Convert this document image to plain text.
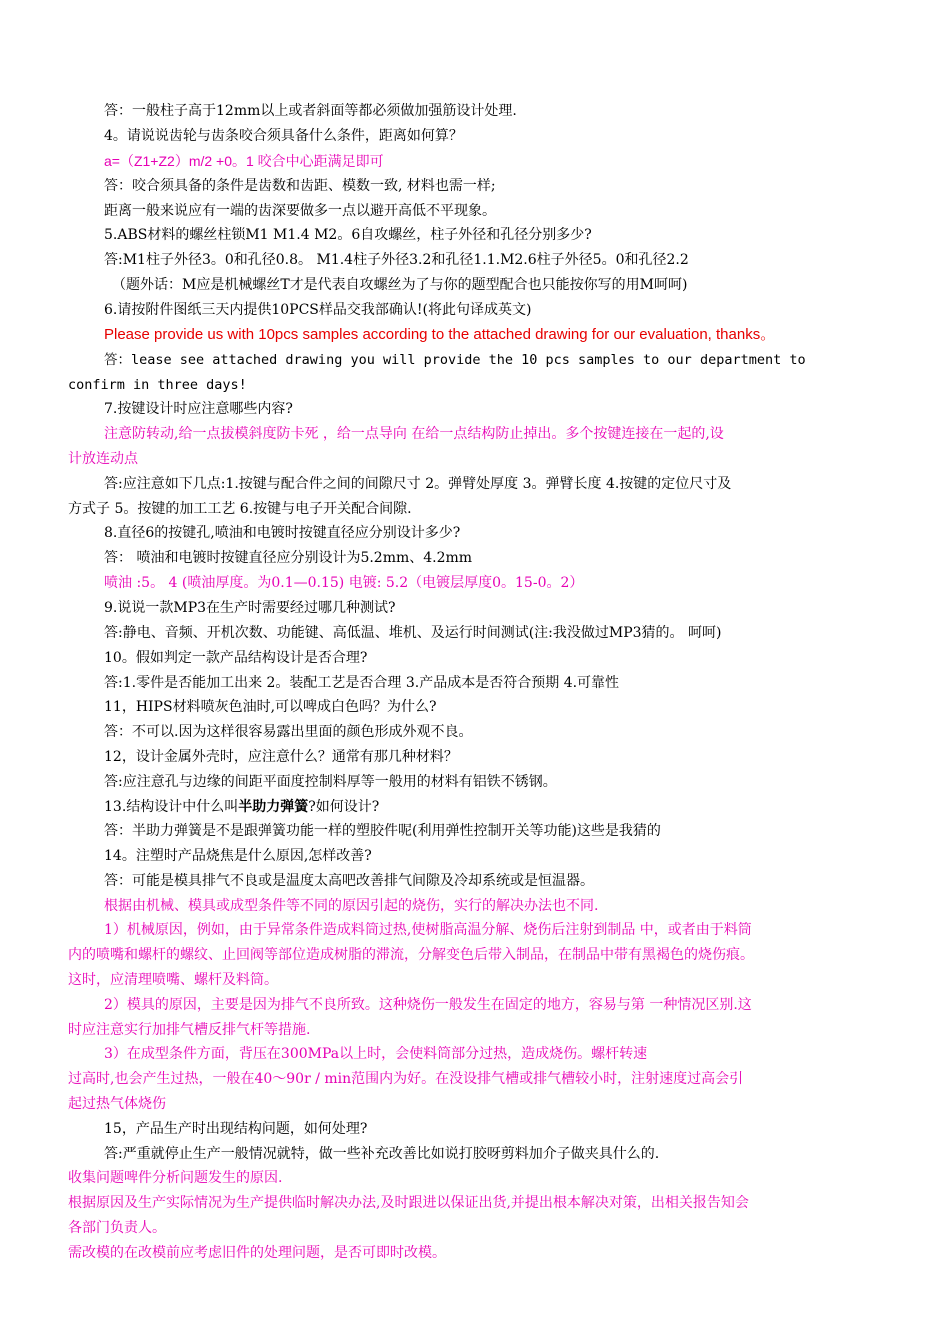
答：一般柱子高于12mm以上或者斜面等都必须做加强筋设计处理.
4。请说说齿轮与齿条咬合须具备什么条件，距离如何算？
a=（Z1+Z2）m/2 +0。1 咬合中心距满足即可
答：咬合须具备的条件是齿数和齿距、模数一致, 材料也需一样;
距离一般来说应有一端的齿深要做多一点以避开高低不平现象。
5.ABS材料的螺丝柱锁M1 M1.4 M2。6自攻螺丝，柱子外径和孔径分别多少?
答:M1柱子外径3。0和孔径0.8。 M1.4柱子外径3.2和孔径1.1.M2.6柱子外径5。0和孔径2.2
（题外话：M应是机械螺丝T才是代表自攻螺丝为了与你的题型配合也只能按你写的用M呵呵)
6.请按附件图纸三天内提供10PCS样品交我部确认!(将此句译成英文)
Please provide us with 10pcs samples according to the attached drawing for our evaluation, thanks。
答：lease see attached drawing you will provide the 10 pcs samples to our department to
confirm in three days!
7.按键设计时应注意哪些内容?
注意防转动,给一点拔模斜度防卡死 ，给一点导向 在给一点结构防止掉出。多个按键连接在一起的,设
计放连动点
答:应注意如下几点:1.按键与配合件之间的间隙尺寸 2。弹臂处厚度 3。弹臂长度 4.按键的定位尺寸及
方式子 5。按键的加工工艺 6.按键与电子开关配合间隙.
8.直径6的按键孔,喷油和电镀时按键直径应分别设计多少?
答： 喷油和电镀时按键直径应分别设计为5.2mm、4.2mm
喷油 :5。 4 (喷油厚度。为0.1—0.15) 电镀: 5.2（电镀层厚度0。15-0。2）
9.说说一款MP3在生产时需要经过哪几种测试?
答:静电、音频、开机次数、功能键、高低温、堆机、及运行时间测试(注:我没做过MP3猜的。 呵呵)
10。假如判定一款产品结构设计是否合理?
答:1.零件是否能加工出来 2。装配工艺是否合理 3.产品成本是否符合预期 4.可靠性
11，HIPS材料喷灰色油时,可以啤成白色吗？为什么?
答：不可以.因为这样很容易露出里面的颜色形成外观不良。
12，设计金属外壳时，应注意什么？通常有那几种材料？
答:应注意孔与边缘的间距平面度控制料厚等一般用的材料有铝铁不锈钢。
13.结构设计中什么叫半助力弹簧?如何设计?
答：半助力弹簧是不是跟弹簧功能一样的塑胶件呢(利用弹性控制开关等功能)这些是我猜的
14。注塑时产品烧焦是什么原因,怎样改善?
答：可能是模具排气不良或是温度太高吧改善排气间隙及冷却系统或是恒温器。
根据由机械、模具或成型条件等不同的原因引起的烧伤，实行的解决办法也不同.
1）机械原因，例如，由于异常条件造成料筒过热,使树脂高温分解、烧伤后注射到制品 中，或者由于料筒
内的喷嘴和螺杆的螺纹、止回阀等部位造成树脂的滞流，分解变色后带入制品，在制品中带有黑褐色的烧伤痕。
这时，应清理喷嘴、螺杆及料筒。
2）模具的原因，主要是因为排气不良所致。这种烧伤一般发生在固定的地方，容易与第 一种情况区别.这
时应注意实行加排气槽反排气杆等措施.
3）在成型条件方面，背压在300MPa以上时，会使料筒部分过热，造成烧伤。螺杆转速
过高时,也会产生过热，一般在40～90r / min范围内为好。在没设排气槽或排气槽较小时，注射速度过高会引
起过热气体烧伤
15，产品生产时出现结构问题，如何处理?
答:严重就停止生产一般情况就特，做一些补充改善比如说打胶呀剪料加介子做夹具什么的.
收集问题啤件分析问题发生的原因.
根据原因及生产实际情况为生产提供临时解决办法,及时跟进以保证出货,并提出根本解决对策，出相关报告知会
各部门负责人。
需改模的在改模前应考虑旧件的处理问题，是否可即时改模。
